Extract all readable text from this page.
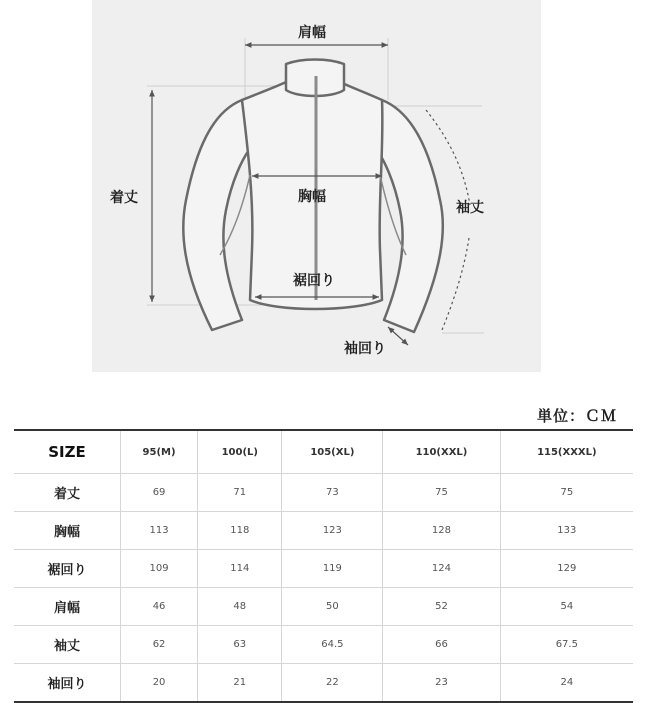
肩幅
着丈	胸幅
袖丈
裾回り
袖回り
単位：ＣＭ
SIZE	95(M)	100(L)	105(XL)	110(XXL)	115(XXXL)
着丈	69	71	73	75	75
胸幅	113	118	123	128	133
裾回り	109	114	119	124	129
肩幅	46	48	50	52	54
袖丈	62	63	64.5	66	67.5
袖回り	20	21	22	23	24
